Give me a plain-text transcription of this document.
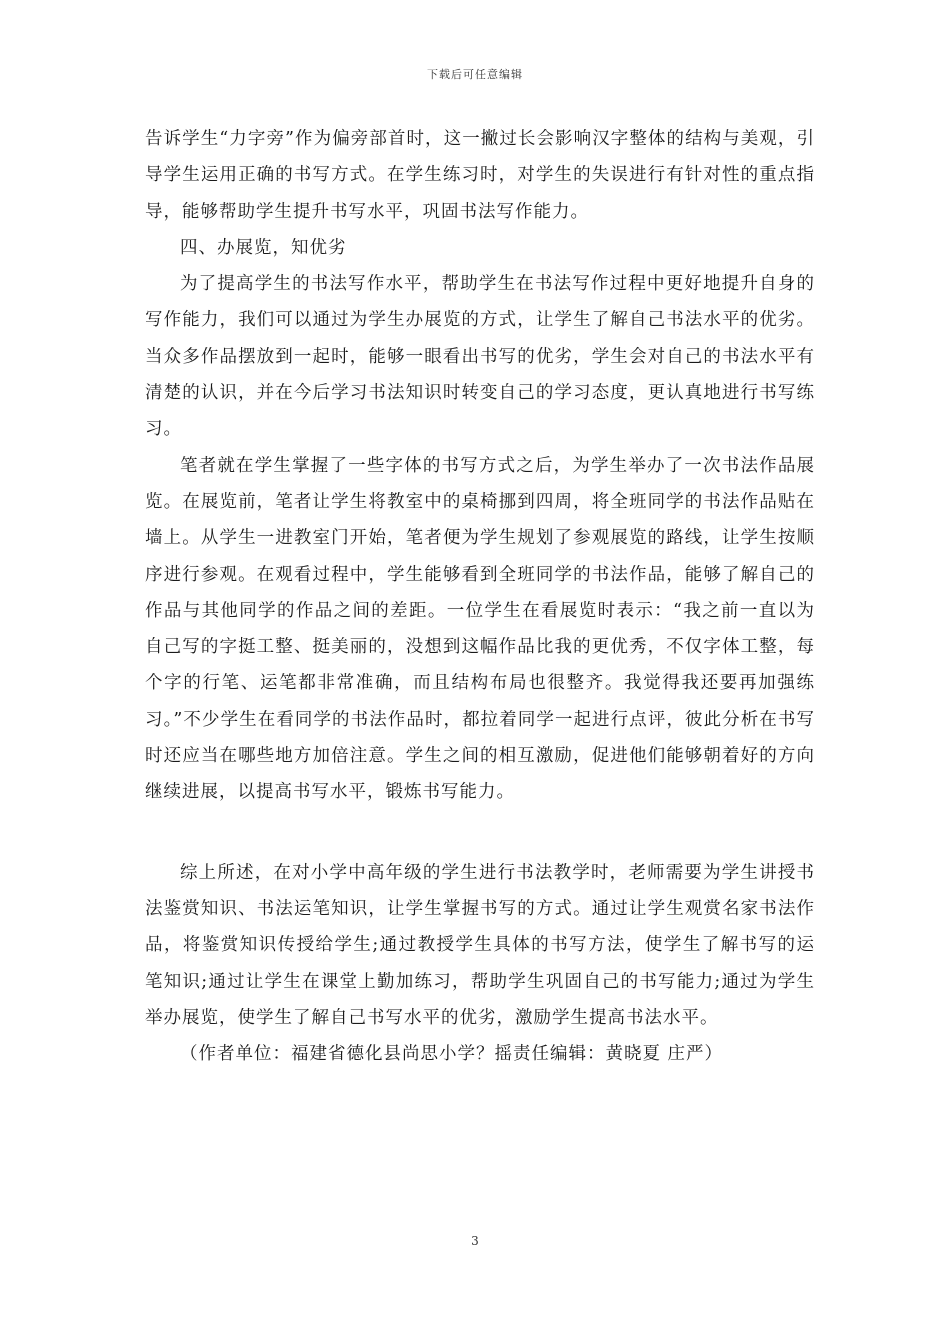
下载后可任意编辑

告诉学生“力字旁”作为偏旁部首时，这一撇过长会影响汉字整体的结构与美观，引导学生运用正确的书写方式。在学生练习时，对学生的失误进行有针对性的重点指导，能够帮助学生提升书写水平，巩固书法写作能力。

四、办展览，知优劣

为了提高学生的书法写作水平，帮助学生在书法写作过程中更好地提升自身的写作能力，我们可以通过为学生办展览的方式，让学生了解自己书法水平的优劣。当众多作品摆放到一起时，能够一眼看出书写的优劣，学生会对自己的书法水平有清楚的认识，并在今后学习书法知识时转变自己的学习态度，更认真地进行书写练习。

笔者就在学生掌握了一些字体的书写方式之后，为学生举办了一次书法作品展览。在展览前，笔者让学生将教室中的桌椅挪到四周，将全班同学的书法作品贴在墙上。从学生一进教室门开始，笔者便为学生规划了参观展览的路线，让学生按顺序进行参观。在观看过程中，学生能够看到全班同学的书法作品，能够了解自己的作品与其他同学的作品之间的差距。一位学生在看展览时表示：“我之前一直以为自己写的字挺工整、挺美丽的，没想到这幅作品比我的更优秀，不仅字体工整，每个字的行笔、运笔都非常准确，而且结构布局也很整齐。我觉得我还要再加强练习。”不少学生在看同学的书法作品时，都拉着同学一起进行点评，彼此分析在书写时还应当在哪些地方加倍注意。学生之间的相互激励，促进他们能够朝着好的方向继续进展，以提高书写水平，锻炼书写能力。

综上所述，在对小学中高年级的学生进行书法教学时，老师需要为学生讲授书法鉴赏知识、书法运笔知识，让学生掌握书写的方式。通过让学生观赏名家书法作品，将鉴赏知识传授给学生;通过教授学生具体的书写方法，使学生了解书写的运笔知识;通过让学生在课堂上勤加练习，帮助学生巩固自己的书写能力;通过为学生举办展览，使学生了解自己书写水平的优劣，激励学生提高书法水平。

（作者单位：福建省德化县尚思小学？摇责任编辑：黄晓夏 庄严）

3
